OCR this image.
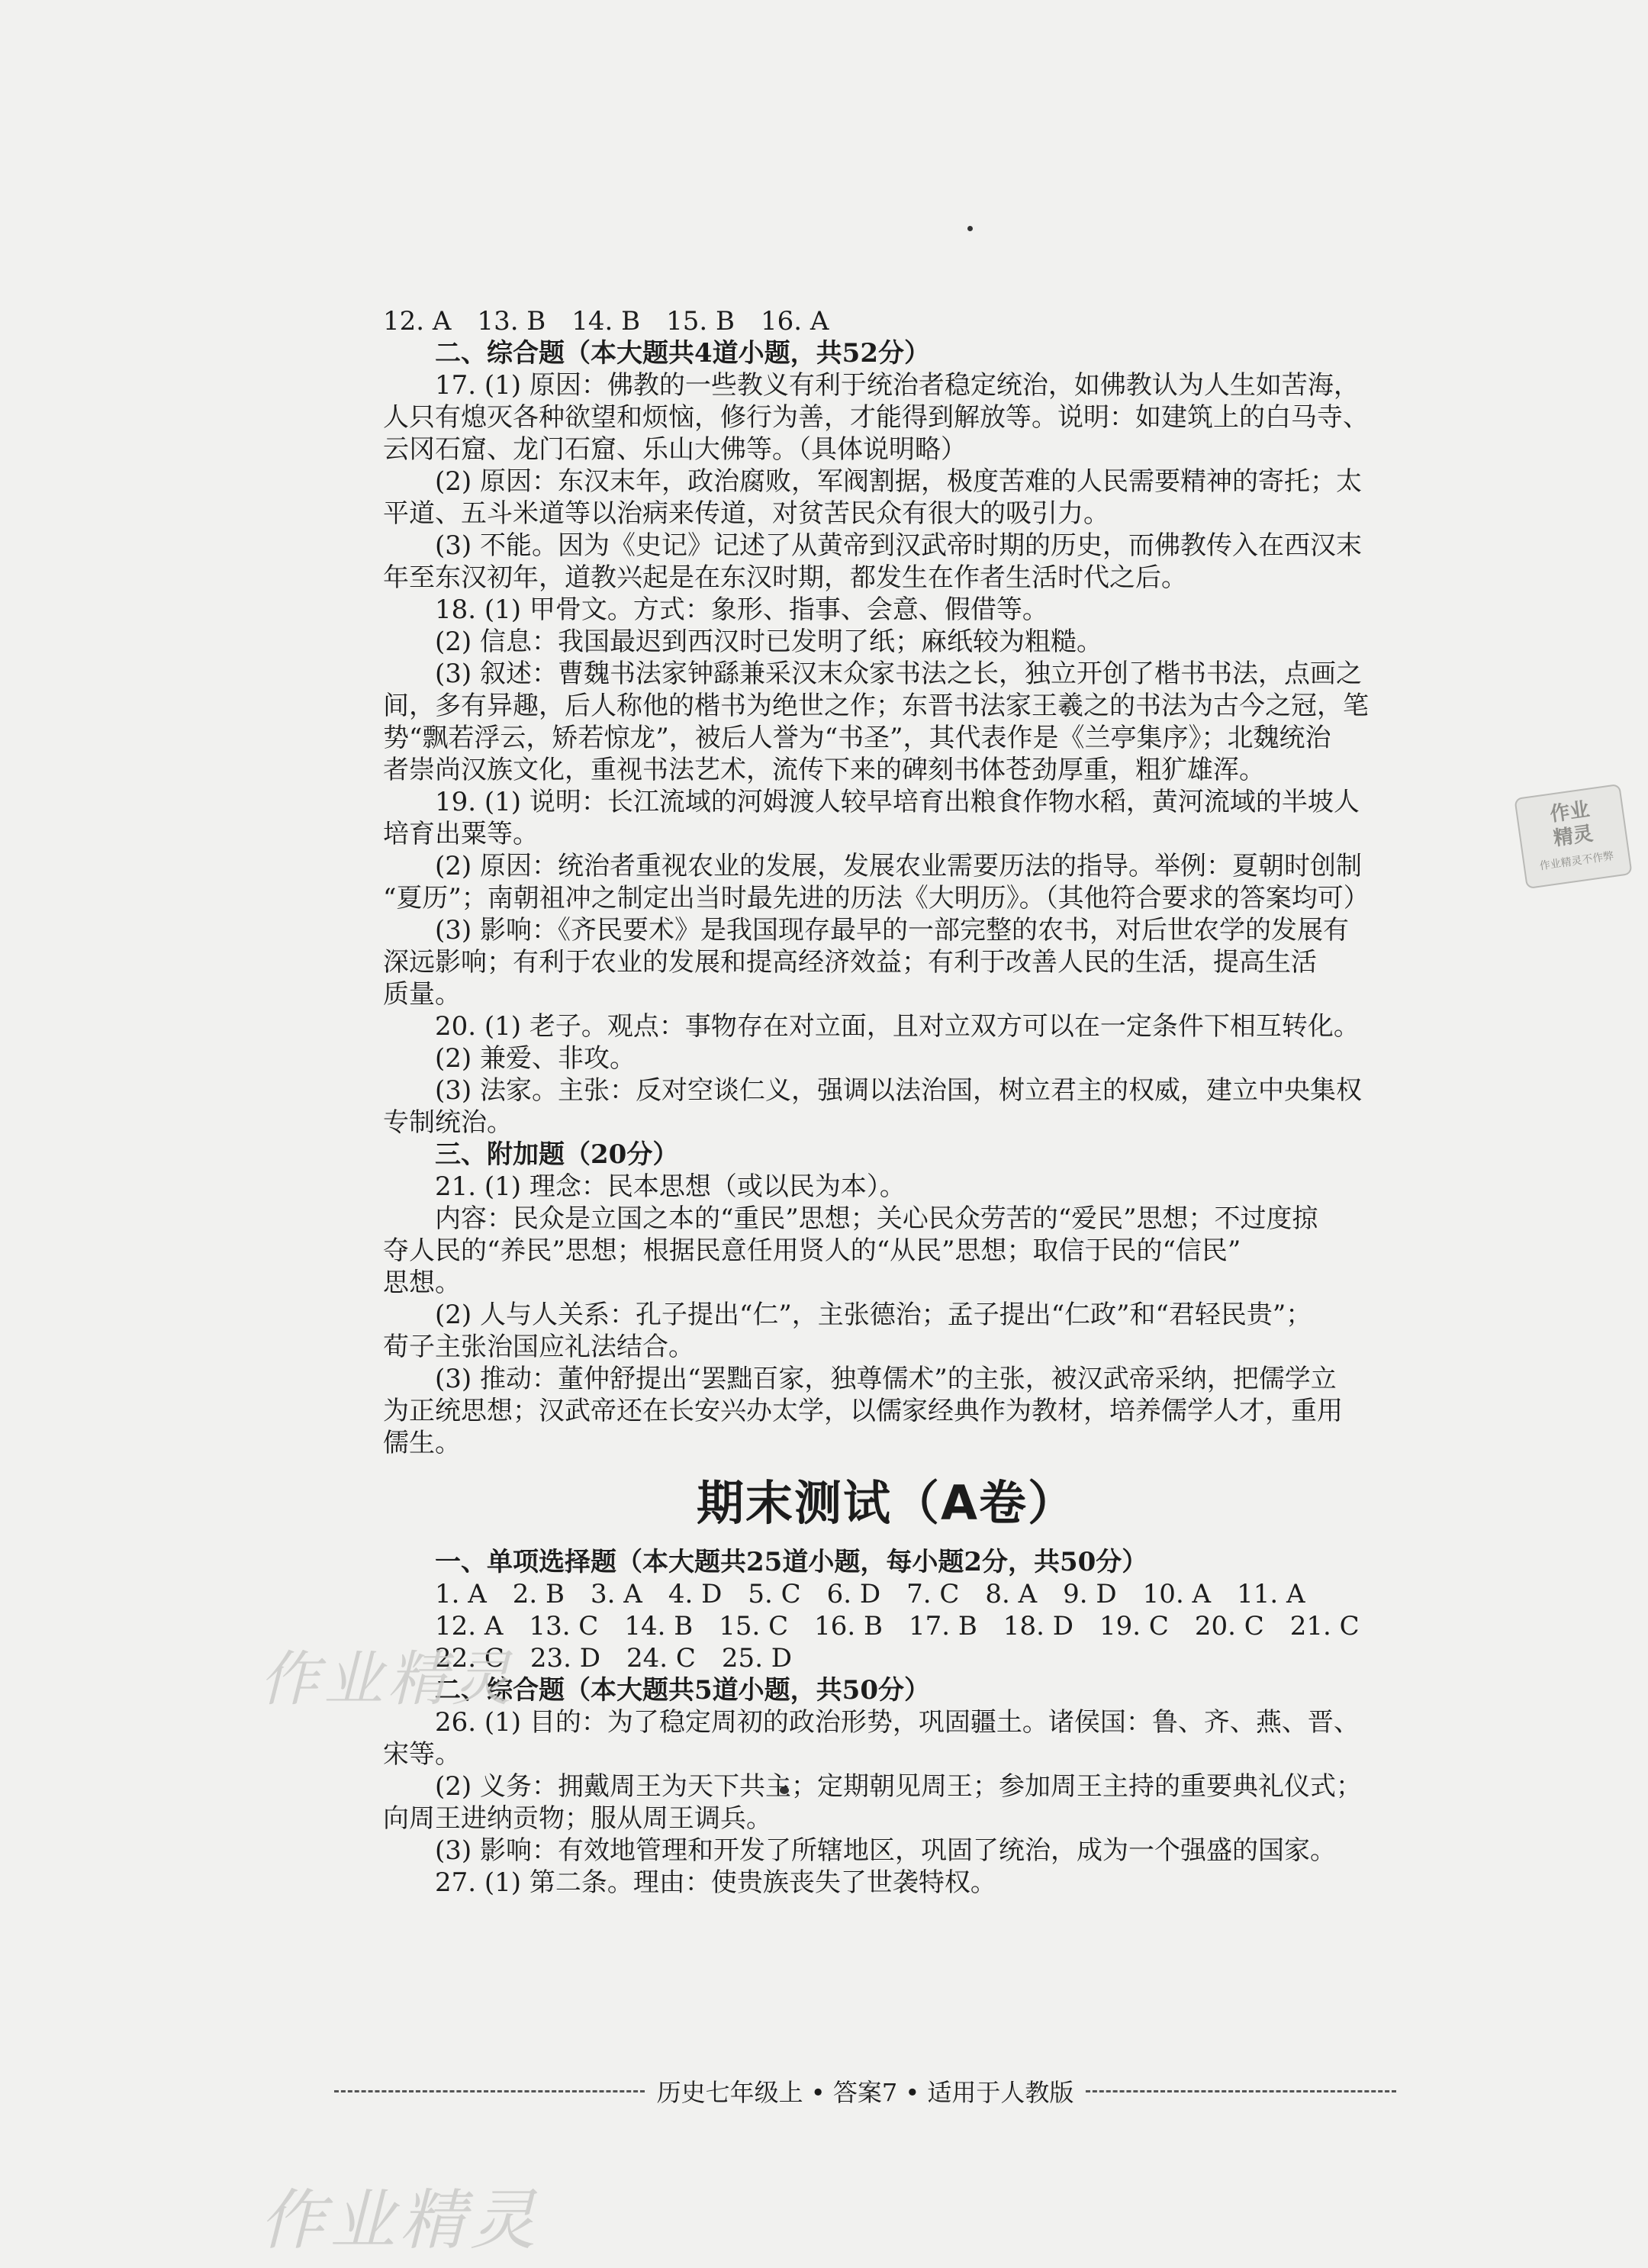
12. A　13. B　14. B　15. B　16. A
二、综合题（本大题共4道小题，共52分）
17. (1) 原因：佛教的一些教义有利于统治者稳定统治，如佛教认为人生如苦海，
人只有熄灭各种欲望和烦恼，修行为善，才能得到解放等。说明：如建筑上的白马寺、
云冈石窟、龙门石窟、乐山大佛等。（具体说明略）
(2) 原因：东汉末年，政治腐败，军阀割据，极度苦难的人民需要精神的寄托；太
平道、五斗米道等以治病来传道，对贫苦民众有很大的吸引力。
(3) 不能。因为《史记》记述了从黄帝到汉武帝时期的历史，而佛教传入在西汉末
年至东汉初年，道教兴起是在东汉时期，都发生在作者生活时代之后。
18. (1) 甲骨文。方式：象形、指事、会意、假借等。
(2) 信息：我国最迟到西汉时已发明了纸；麻纸较为粗糙。
(3) 叙述：曹魏书法家钟繇兼采汉末众家书法之长，独立开创了楷书书法，点画之
间，多有异趣，后人称他的楷书为绝世之作；东晋书法家王羲之的书法为古今之冠，笔
势“飘若浮云，矫若惊龙”，被后人誉为“书圣”，其代表作是《兰亭集序》；北魏统治
者崇尚汉族文化，重视书法艺术，流传下来的碑刻书体苍劲厚重，粗犷雄浑。
19. (1) 说明：长江流域的河姆渡人较早培育出粮食作物水稻，黄河流域的半坡人
培育出粟等。
(2) 原因：统治者重视农业的发展，发展农业需要历法的指导。举例：夏朝时创制
“夏历”；南朝祖冲之制定出当时最先进的历法《大明历》。（其他符合要求的答案均可）
(3) 影响：《齐民要术》是我国现存最早的一部完整的农书，对后世农学的发展有
深远影响；有利于农业的发展和提高经济效益；有利于改善人民的生活，提高生活
质量。
20. (1) 老子。观点：事物存在对立面，且对立双方可以在一定条件下相互转化。
(2) 兼爱、非攻。
(3) 法家。主张：反对空谈仁义，强调以法治国，树立君主的权威，建立中央集权
专制统治。
三、附加题（20分）
21. (1) 理念：民本思想（或以民为本）。
内容：民众是立国之本的“重民”思想；关心民众劳苦的“爱民”思想；不过度掠
夺人民的“养民”思想；根据民意任用贤人的“从民”思想；取信于民的“信民”
思想。
(2) 人与人关系：孔子提出“仁”，主张德治；孟子提出“仁政”和“君轻民贵”；
荀子主张治国应礼法结合。
(3) 推动：董仲舒提出“罢黜百家，独尊儒术”的主张，被汉武帝采纳，把儒学立
为正统思想；汉武帝还在长安兴办太学，以儒家经典作为教材，培养儒学人才，重用
儒生。
期末测试（A卷）
一、单项选择题（本大题共25道小题，每小题2分，共50分）
1. A　2. B　3. A　4. D　5. C　6. D　7. C　8. A　9. D　10. A　11. A
12. A　13. C　14. B　15. C　16. B　17. B　18. D　19. C　20. C　21. C
22. C　23. D　24. C　25. D
二、综合题（本大题共5道小题，共50分）
26. (1) 目的：为了稳定周初的政治形势，巩固疆土。诸侯国：鲁、齐、燕、晋、
宋等。
(2) 义务：拥戴周王为天下共主；定期朝见周王；参加周王主持的重要典礼仪式；
向周王进纳贡物；服从周王调兵。
(3) 影响：有效地管理和开发了所辖地区，巩固了统治，成为一个强盛的国家。
27. (1) 第二条。理由：使贵族丧失了世袭特权。
作业
精灵
作业精灵不作弊
作业精灵
历史七年级上 • 答案7 • 适用于人教版
作业精灵
